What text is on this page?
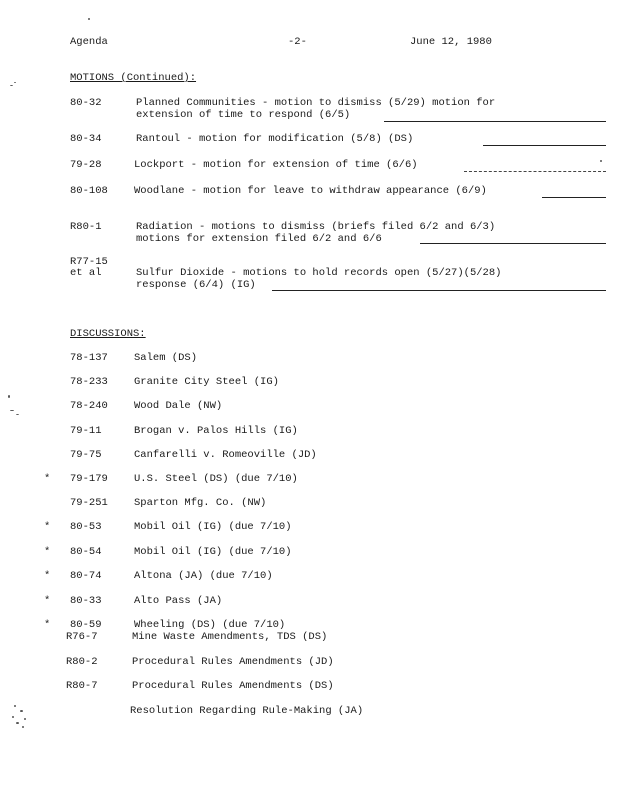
Agenda	-2-	June 12, 1980
MOTIONS (Continued):
80-32	Planned Communities - motion to dismiss (5/29) motion for
extension of time to respond (6/5)
80-34	Rantoul - motion for modification (5/8) (DS)
79-28	Lockport - motion for extension of time (6/6)
80-108 Woodlane - motion for leave to withdraw appearance (6/9)
R80-1	Radiation - motions to dismiss (briefs filed 6/2 and 6/3)
motions for extension filed 6/2 and 6/6
R77-15
et al	Sulfur Dioxide - motions to hold records open (5/27)(5/28)
response (6/4) (IG)
DISCUSSIONS:
78-137 Salem (DS)
78-233 Granite City Steel (IG)
78-240 Wood Dale (NW)
79-11	Brogan v. Palos Hills (IG)
79-75	Canfarelli v. Romeoville (JD)
* 79-179 U.S. Steel (DS) (due 7/10)
79-251 Sparton Mfg. Co. (NW)
* 80-53	Mobil Oil (IG) (due 7/10)
* 80-54	Mobil Oil (IG) (due 7/10)
* 80-74	Altona (JA) (due 7/10)
* 80-33	Alto Pass (JA)
* 80-59	Wheeling (DS) (due 7/10)
R76-7	Mine Waste Amendments, TDS (DS)
R80-2	Procedural Rules Amendments (JD)
R80-7	Procedural Rules Amendments (DS)
Resolution Regarding Rule-Making (JA)
